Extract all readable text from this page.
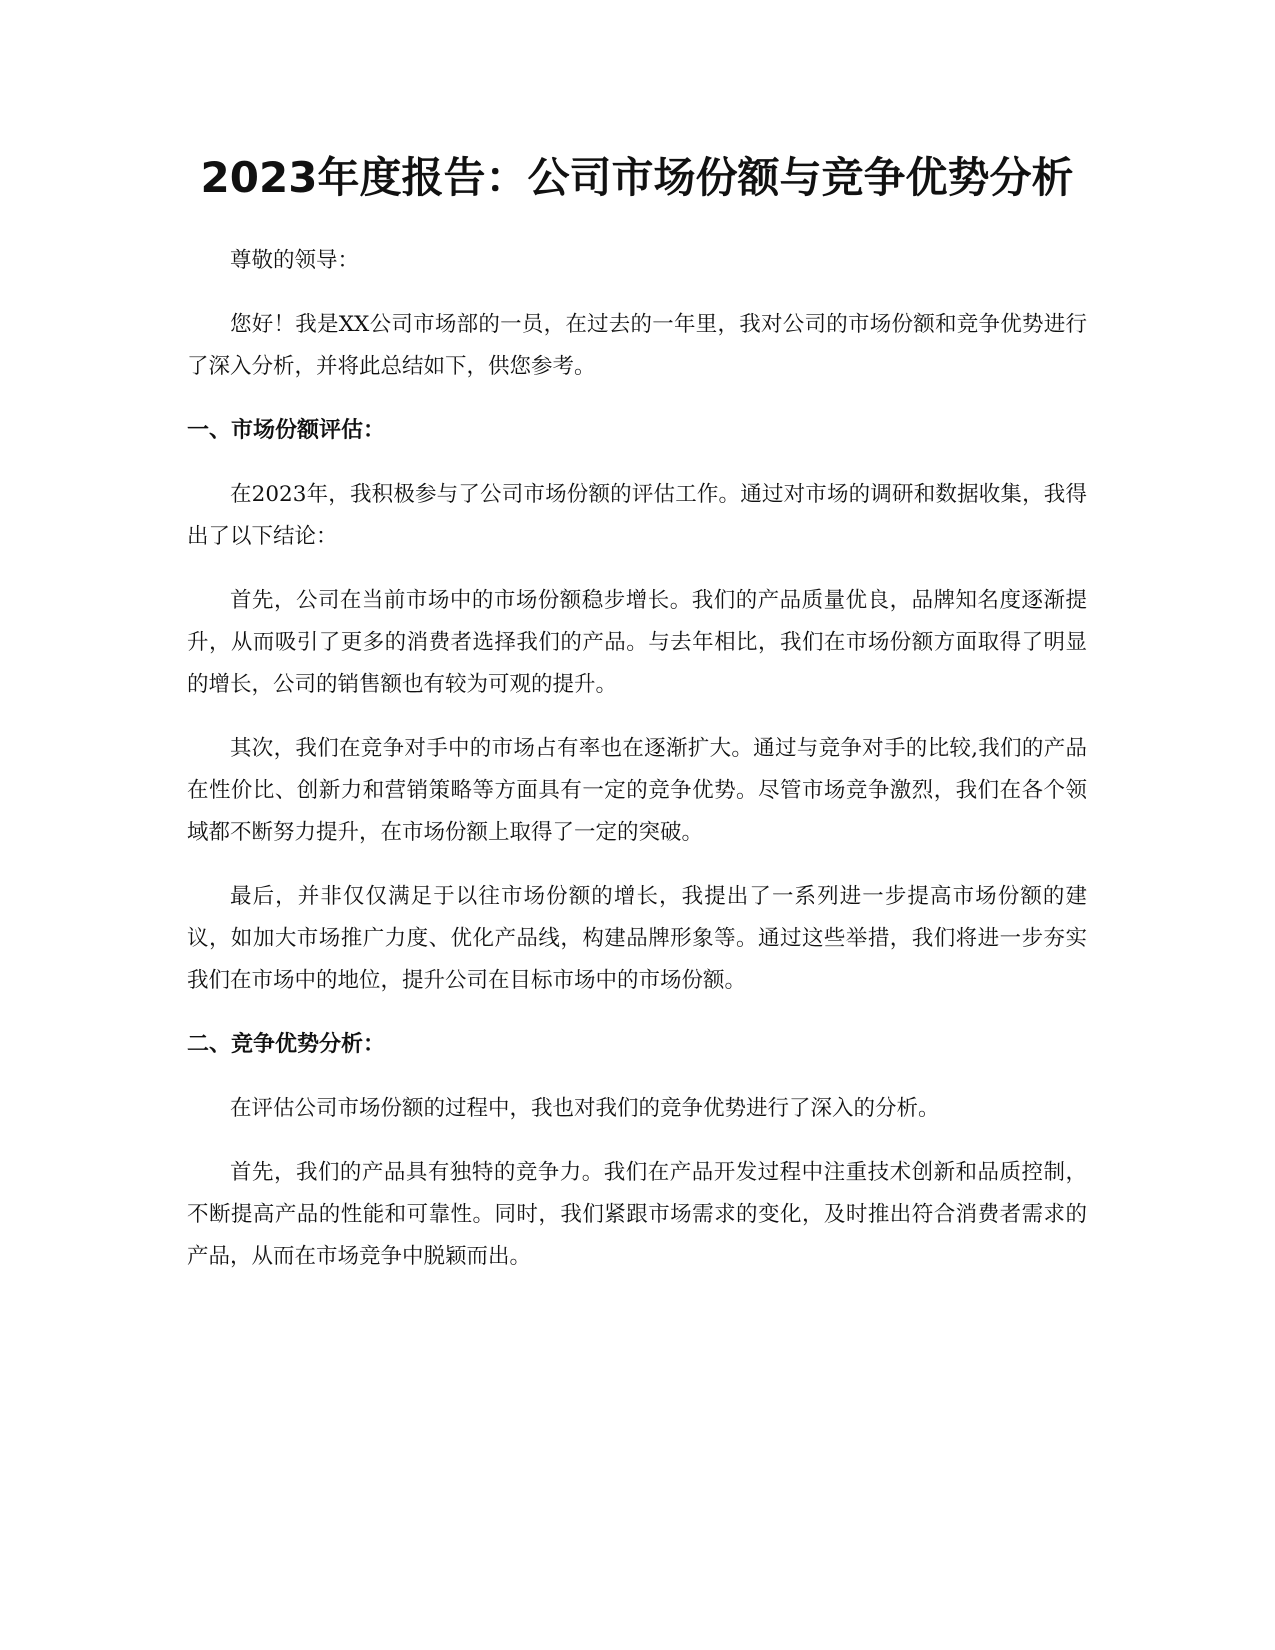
2023年度报告：公司市场份额与竞争优势分析

尊敬的领导：

您好！我是XX公司市场部的一员，在过去的一年里，我对公司的市场份额和竞争优势进行了深入分析，并将此总结如下，供您参考。

一、市场份额评估：

在2023年，我积极参与了公司市场份额的评估工作。通过对市场的调研和数据收集，我得出了以下结论：

首先，公司在当前市场中的市场份额稳步增长。我们的产品质量优良，品牌知名度逐渐提升，从而吸引了更多的消费者选择我们的产品。与去年相比，我们在市场份额方面取得了明显的增长，公司的销售额也有较为可观的提升。

其次，我们在竞争对手中的市场占有率也在逐渐扩大。通过与竞争对手的比较,我们的产品在性价比、创新力和营销策略等方面具有一定的竞争优势。尽管市场竞争激烈，我们在各个领域都不断努力提升，在市场份额上取得了一定的突破。

最后，并非仅仅满足于以往市场份额的增长，我提出了一系列进一步提高市场份额的建议，如加大市场推广力度、优化产品线，构建品牌形象等。通过这些举措，我们将进一步夯实我们在市场中的地位，提升公司在目标市场中的市场份额。

二、竞争优势分析：

在评估公司市场份额的过程中，我也对我们的竞争优势进行了深入的分析。

首先，我们的产品具有独特的竞争力。我们在产品开发过程中注重技术创新和品质控制，不断提高产品的性能和可靠性。同时，我们紧跟市场需求的变化，及时推出符合消费者需求的产品，从而在市场竞争中脱颖而出。
